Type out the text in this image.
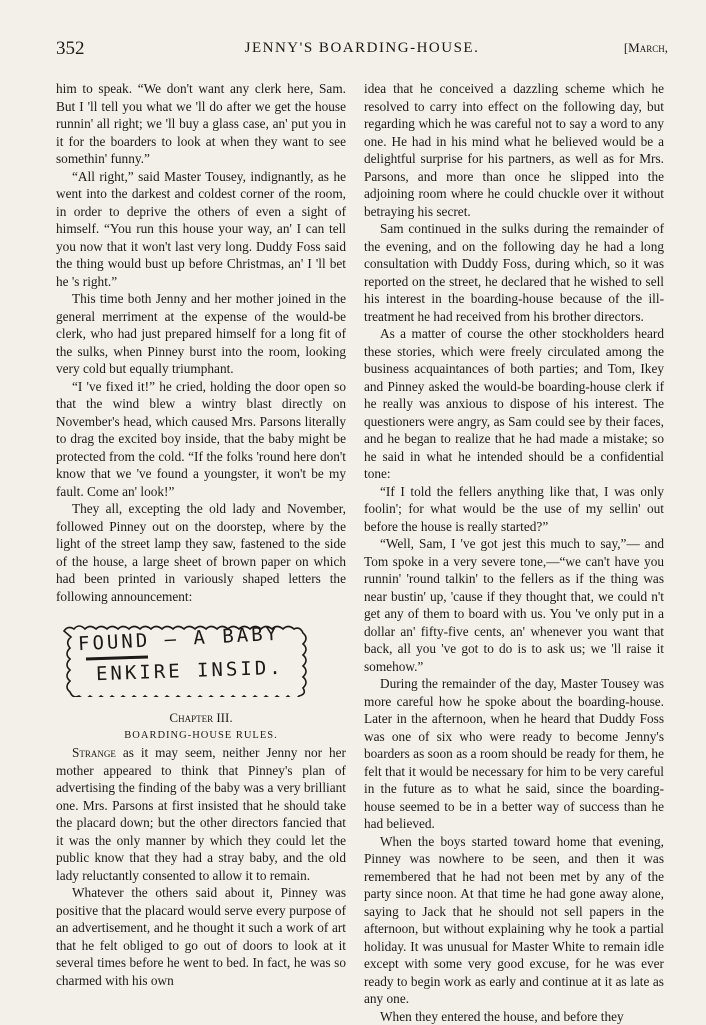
352	JENNY'S BOARDING-HOUSE.	[March,

him to speak. “We don't want any clerk here, Sam. But I 'll tell you what we 'll do after we get the house runnin' all right; we 'll buy a glass case, an' put you in it for the boarders to look at when they want to see somethin' funny.”

“All right,” said Master Tousey, indignantly, as he went into the darkest and coldest corner of the room, in order to deprive the others of even a sight of himself. “You run this house your way, an' I can tell you now that it won't last very long. Duddy Foss said the thing would bust up before Christmas, an' I 'll bet he 's right.”

This time both Jenny and her mother joined in the general merriment at the expense of the would-be clerk, who had just prepared himself for a long fit of the sulks, when Pinney burst into the room, looking very cold but equally triumphant.

“I 've fixed it!” he cried, holding the door open so that the wind blew a wintry blast directly on November's head, which caused Mrs. Parsons literally to drag the excited boy inside, that the baby might be protected from the cold. “If the folks 'round here don't know that we 've found a youngster, it won't be my fault. Come an' look!”

They all, excepting the old lady and November, followed Pinney out on the doorstep, where by the light of the street lamp they saw, fastened to the side of the house, a large sheet of brown paper on which had been printed in variously shaped letters the following announcement:

FOUND — A BABY
ENKIRE INSID.

Chapter III.

BOARDING-HOUSE RULES.

Strange as it may seem, neither Jenny nor her mother appeared to think that Pinney's plan of advertising the finding of the baby was a very brilliant one. Mrs. Parsons at first insisted that he should take the placard down; but the other directors fancied that it was the only manner by which they could let the public know that they had a stray baby, and the old lady reluctantly consented to allow it to remain.

Whatever the others said about it, Pinney was positive that the placard would serve every purpose of an advertisement, and he thought it such a work of art that he felt obliged to go out of doors to look at it several times before he went to bed. In fact, he was so charmed with his own

idea that he conceived a dazzling scheme which he resolved to carry into effect on the following day, but regarding which he was careful not to say a word to any one. He had in his mind what he believed would be a delightful surprise for his partners, as well as for Mrs. Parsons, and more than once he slipped into the adjoining room where he could chuckle over it without betraying his secret.

Sam continued in the sulks during the remainder of the evening, and on the following day he had a long consultation with Duddy Foss, during which, so it was reported on the street, he declared that he wished to sell his interest in the boarding-house because of the ill-treatment he had received from his brother directors.

As a matter of course the other stockholders heard these stories, which were freely circulated among the business acquaintances of both parties; and Tom, Ikey and Pinney asked the would-be boarding-house clerk if he really was anxious to dispose of his interest. The questioners were angry, as Sam could see by their faces, and he began to realize that he had made a mistake; so he said in what he intended should be a confidential tone:

“If I told the fellers anything like that, I was only foolin'; for what would be the use of my sellin' out before the house is really started?”

“Well, Sam, I 've got jest this much to say,”— and Tom spoke in a very severe tone,—“we can't have you runnin' 'round talkin' to the fellers as if the thing was near bustin' up, 'cause if they thought that, we could n't get any of them to board with us. You 've only put in a dollar an' fifty-five cents, an' whenever you want that back, all you 've got to do is to ask us; we 'll raise it somehow.”

During the remainder of the day, Master Tousey was more careful how he spoke about the boarding-house. Later in the afternoon, when he heard that Duddy Foss was one of six who were ready to become Jenny's boarders as soon as a room should be ready for them, he felt that it would be necessary for him to be very careful in the future as to what he said, since the boarding-house seemed to be in a better way of success than he had believed.

When the boys started toward home that evening, Pinney was nowhere to be seen, and then it was remembered that he had not been met by any of the party since noon. At that time he had gone away alone, saying to Jack that he should not sell papers in the afternoon, but without explaining why he took a partial holiday. It was unusual for Master White to remain idle except with some very good excuse, for he was ever ready to begin work as early and continue at it as late as any one.

When they entered the house, and before they
